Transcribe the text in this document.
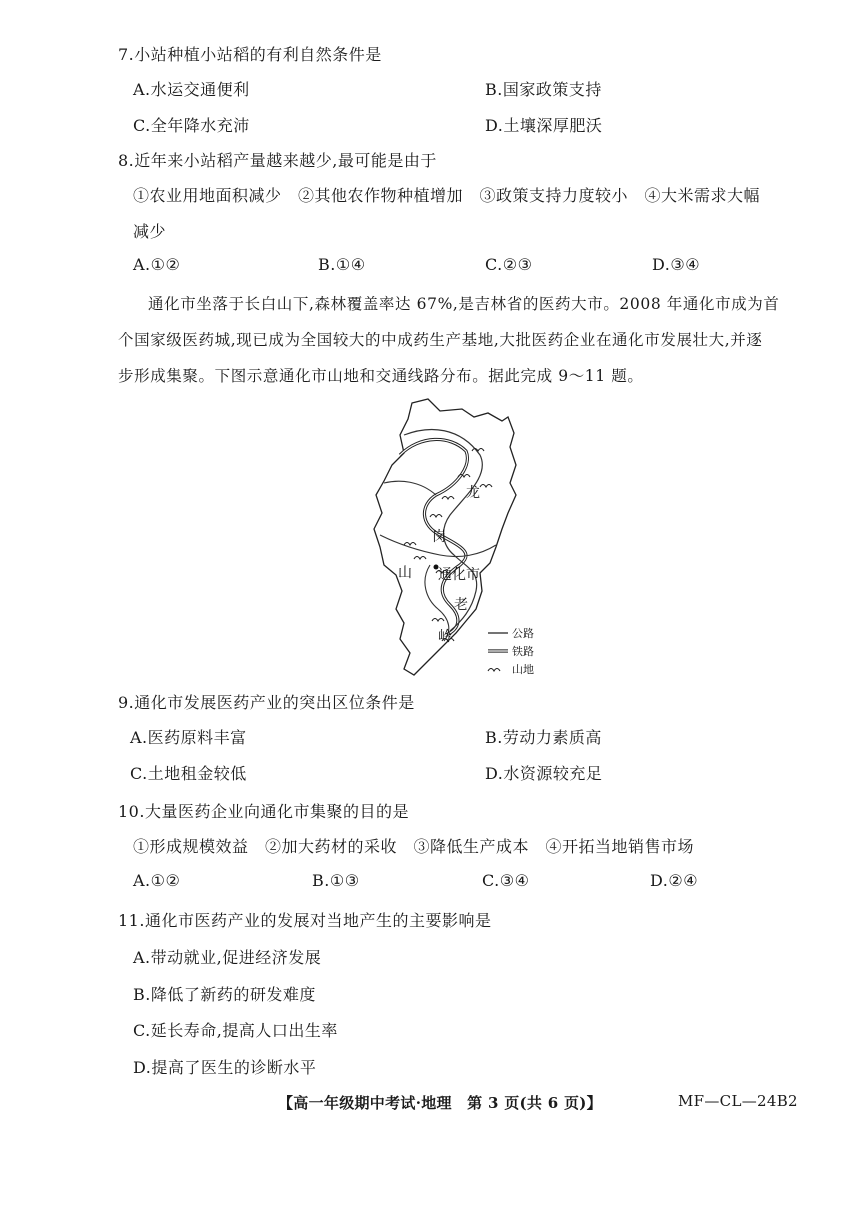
7.小站种植小站稻的有利自然条件是
A.水运交通便利	B.国家政策支持
C.全年降水充沛	D.土壤深厚肥沃
8.近年来小站稻产量越来越少,最可能是由于
①农业用地面积减少　②其他农作物种植增加　③政策支持力度较小　④大米需求大幅
减少
A.①②	B.①④	C.②③	D.③④
通化市坐落于长白山下,森林覆盖率达 67%,是吉林省的医药大市。2008 年通化市成为首
个国家级医药城,现已成为全国较大的中成药生产基地,大批医药企业在通化市发展壮大,并逐
步形成集聚。下图示意通化市山地和交通线路分布。据此完成 9～11 题。
龙
岗
山 通化市
老
岭	公路
铁路
山地
9.通化市发展医药产业的突出区位条件是
A.医药原料丰富	B.劳动力素质高
C.土地租金较低	D.水资源较充足
10.大量医药企业向通化市集聚的目的是
①形成规模效益　②加大药材的采收　③降低生产成本　④开拓当地销售市场
A.①②	B.①③	C.③④	D.②④
11.通化市医药产业的发展对当地产生的主要影响是
A.带动就业,促进经济发展
B.降低了新药的研发难度
C.延长寿命,提高人口出生率
D.提高了医生的诊断水平
【高一年级期中考试·地理　第 3 页(共 6 页)】	MF—CL—24B2
